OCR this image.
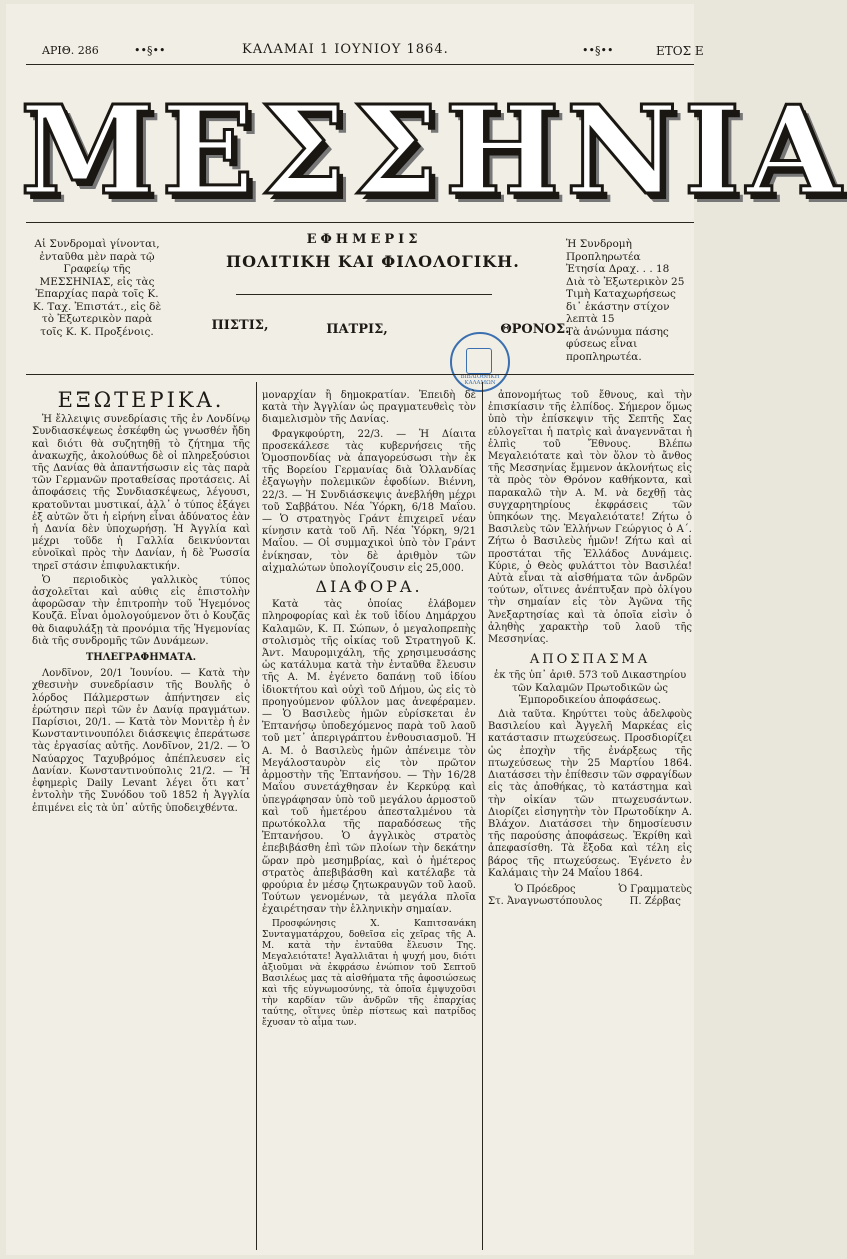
ΑΡΙΘ. 286	••§••	ΚΑΛΑΜΑΙ 1 ΙΟΥΝΙΟΥ 1864.	••§••	ΕΤΟΣ Ε
ΜΕΣΣΗΝΙΑ
Αἱ Συνδρομαὶ γίνονται, ἐνταῦθα μὲν παρὰ τῷ Γραφείῳ τῆς ΜΕΣΣΗΝΙΑΣ, εἰς τὰς Ἐπαρχίας παρὰ τοῖς Κ. Κ. Ταχ. Ἐπιστάτ., εἰς δὲ τὸ Ἐξωτερικὸν παρὰ τοῖς Κ. Κ. Προξένοις.
ΕΦΗΜΕΡΙΣ
ΠΟΛΙΤΙΚΗ ΚΑΙ ΦΙΛΟΛΟΓΙΚΗ.
ΠΙΣΤΙΣ,	ΠΑΤΡΙΣ,	ΘΡΟΝΟΣ.
Ἡ Συνδρομὴ Προπληρωτέα
Ἐτησία Δραχ. . . 18
Διὰ τὸ Ἐξωτερικὸν 25
Τιμὴ Καταχωρήσεως δι᾽ ἑκάστην στίχον λεπτὰ 15
Τὰ ἀνώνυμα πάσης φύσεως εἶναι προπληρωτέα.
ΒΙΒΛΙΟΘΗΚΗ ΚΑΛΑΜΩΝ
ΕΞΩΤΕΡΙΚΑ.

Ἡ ἔλλειψις συνεδρίασις τῆς ἐν Λονδίνῳ Συνδιασκέψεως ἐσκέφθη ὡς γνωσθέν ἤδη καὶ διότι θὰ συζητηθῇ τὸ ζήτημα τῆς ἀνακωχῆς, ἀκολούθως δὲ οἱ πληρεξούσιοι τῆς Δανίας θὰ ἀπαντήσωσιν εἰς τὰς παρὰ τῶν Γερμανῶν προταθείσας προτάσεις. Αἱ ἀποφάσεις τῆς Συνδιασκέψεως, λέγουσι, κρατοῦνται μυστικαί, ἀλλ᾽ ὁ τύπος ἐξάγει ἐξ αὐτῶν ὅτι ἡ εἰρήνη εἶναι ἀδύνατος ἐὰν ἡ Δανία δὲν ὑποχωρήσῃ. Ἡ Ἀγγλία καὶ μέχρι τοῦδε ἡ Γαλλία δεικνύονται εὐνοϊκαὶ πρὸς τὴν Δανίαν, ἡ δὲ Ῥωσσία τηρεῖ στάσιν ἐπιφυλακτικήν.

Ὁ περιοδικὸς γαλλικὸς τύπος ἀσχολεῖται καὶ αὐθις εἰς ἐπιστολὴν ἀφορῶσαν τὴν ἐπιτροπὴν τοῦ Ἡγεμόνος Κουζᾶ. Εἶναι ὁμολογούμενον ὅτι ὁ Κουζᾶς θὰ διαφυλάξῃ τὰ προνόμια τῆς Ἡγεμονίας διὰ τῆς συνδρομῆς τῶν Δυνάμεων.

ΤΗΛΕΓΡΑΦΗΜΑΤΑ.

Λονδῖνον, 20/1 Ἰουνίου. — Κατὰ τὴν χθεσινὴν συνεδρίασιν τῆς Βουλῆς ὁ λόρδος Πάλμερστων ἀπήντησεν εἰς ἐρώτησιν περὶ τῶν ἐν Δανίᾳ πραγμάτων. Παρίσιοι, 20/1. — Κατὰ τὸν Μονιτὲρ ἡ ἐν Κωνσταντινουπόλει διάσκεψις ἐπεράτωσε τὰς ἐργασίας αὐτῆς. Λονδῖνον, 21/2. — Ὁ Ναύαρχος Ταχυβρόμος ἀπέπλευσεν εἰς Δανίαν. Κωνσταντινούπολις 21/2. — Ἡ ἐφημερὶς Daily Levant λέγει ὅτι κατ᾽ ἐντολὴν τῆς Συνόδου τοῦ 1852 ἡ Ἀγγλία ἐπιμένει εἰς τὰ ὑπ᾽ αὐτῆς ὑποδειχθέντα.

μοναρχίαν ἢ δημοκρατίαν. Ἐπειδὴ δὲ κατὰ τὴν Ἀγγλίαν ὡς πραγματευθεὶς τὸν διαμελισμὸν τῆς Δανίας.

Φραγκφούρτη, 22/3. — Ἡ Δίαιτα προσεκάλεσε τὰς κυβερνήσεις τῆς Ὁμοσπονδίας νὰ ἀπαγορεύσωσι τὴν ἐκ τῆς Βορείου Γερμανίας διὰ Ὁλλανδίας ἐξαγωγὴν πολεμικῶν ἐφοδίων. Βιέννη, 22/3. — Ἡ Συνδιάσκεψις ἀνεβλήθη μέχρι τοῦ Σαββάτου. Νέα Ὑόρκη, 6/18 Μαΐου. — Ὁ στρατηγὸς Γράντ ἐπιχειρεῖ νέαν κίνησιν κατὰ τοῦ Λῆ. Νέα Ὑόρκη, 9/21 Μαΐου. — Οἱ συμμαχικοὶ ὑπὸ τὸν Γράντ ἐνίκησαν, τὸν δὲ ἀριθμὸν τῶν αἰχμαλώτων ὑπολογίζουσιν εἰς 25,000.

ΔΙΑΦΟΡΑ.

Κατὰ τὰς ὁποίας ἐλάβομεν πληροφορίας καὶ ἐκ τοῦ ἰδίου Δημάρχου Καλαμῶν, Κ. Π. Σώπων, ὁ μεγαλοπρεπὴς στολισμὸς τῆς οἰκίας τοῦ Στρατηγοῦ Κ. Ἀντ. Μαυρομιχάλη, τῆς χρησιμευσάσης ὡς κατάλυμα κατὰ τὴν ἐνταῦθα ἔλευσιν τῆς Α. Μ. ἐγένετο δαπάνῃ τοῦ ἰδίου ἰδιοκτήτου καὶ οὐχὶ τοῦ Δήμου, ὡς εἰς τὸ προηγούμενον φύλλον μας ἀνεφέραμεν. — Ὁ Βασιλεὺς ἡμῶν εὑρίσκεται ἐν Ἑπτανήσῳ ὑποδεχόμενος παρὰ τοῦ λαοῦ τοῦ μετ᾽ ἀπεριγράπτου ἐνθουσιασμοῦ. Ἡ Α. Μ. ὁ Βασιλεὺς ἡμῶν ἀπένειμε τὸν Μεγάλοσταυρὸν εἰς τὸν πρῶτον ἁρμοστὴν τῆς Ἑπτανήσου. — Τὴν 16/28 Μαΐου συνετάχθησαν ἐν Κερκύρᾳ καὶ ὑπεγράφησαν ὑπὸ τοῦ μεγάλου ἁρμοστοῦ καὶ τοῦ ἡμετέρου ἀπεσταλμένου τὰ πρωτόκολλα τῆς παραδόσεως τῆς Ἑπτανήσου. Ὁ ἀγγλικὸς στρατὸς ἐπεβιβάσθη ἐπὶ τῶν πλοίων τὴν δεκάτην ὥραν πρὸ μεσημβρίας, καὶ ὁ ἡμέτερος στρατὸς ἀπεβιβάσθη καὶ κατέλαβε τὰ φρούρια ἐν μέσῳ ζητωκραυγῶν τοῦ λαοῦ. Τούτων γενομένων, τὰ μεγάλα πλοῖα ἐχαιρέτησαν τὴν ἑλληνικὴν σημαίαν.

Προσφώνησις Χ. Καπιτσανάκη Συνταγματάρχου, δοθεῖσα εἰς χεῖρας τῆς Α. Μ. κατὰ τὴν ἐνταῦθα ἔλευσιν Της. Μεγαλειότατε! Ἀγαλλιᾶται ἡ ψυχή μου, διότι ἀξιοῦμαι νὰ ἐκφράσω ἐνώπιον τοῦ Σεπτοῦ Βασιλέως μας τὰ αἰσθήματα τῆς ἀφοσιώσεως καὶ τῆς εὐγνωμοσύνης, τὰ ὁποῖα ἐμψυχοῦσι τὴν καρδίαν τῶν ἀνδρῶν τῆς ἐπαρχίας ταύτης, οἵτινες ὑπὲρ πίστεως καὶ πατρίδος ἔχυσαν τὸ αἷμα των.

ἀπονομήτως τοῦ ἔθνους, καὶ τὴν ἐπισκίασιν τῆς ἐλπίδος. Σήμερον ὅμως ὑπὸ τὴν ἐπίσκεψιν τῆς Σεπτῆς Σας εὐλογεῖται ἡ πατρὶς καὶ ἀναγεννᾶται ἡ ἐλπὶς τοῦ Ἔθνους. Βλέπω Μεγαλειότατε καὶ τὸν ὅλον τὸ ἄνθος τῆς Μεσσηνίας ἔμμενον ἀκλονήτως εἰς τὰ πρὸς τὸν Θρόνον καθήκοντα, καὶ παρακαλῶ τὴν Α. Μ. νὰ δεχθῇ τὰς συγχαρητηρίους ἐκφράσεις τῶν ὑπηκόων της. Μεγαλειότατε! Ζήτω ὁ Βασιλεὺς τῶν Ἑλλήνων Γεώργιος ὁ Α΄. Ζήτω ὁ Βασιλεὺς ἡμῶν! Ζήτω καὶ αἱ προστάται τῆς Ἑλλάδος Δυνάμεις. Κύριε, ὁ Θεὸς φυλάττοι τὸν Βασιλέα! Αὐτὰ εἶναι τὰ αἰσθήματα τῶν ἀνδρῶν τούτων, οἵτινες ἀνέπτυξαν πρὸ ὀλίγου τὴν σημαίαν εἰς τὸν Ἀγῶνα τῆς Ἀνεξαρτησίας καὶ τὰ ὁποῖα εἰσὶν ὁ ἀληθὴς χαρακτὴρ τοῦ λαοῦ τῆς Μεσσηνίας.

ΑΠΟΣΠΑΣΜΑ

ἐκ τῆς ὑπ᾽ ἀριθ. 573 τοῦ Δικαστηρίου τῶν Καλαμῶν Πρωτοδικῶν ὡς Ἐμπορoδικείου ἀποφάσεως.

Διὰ ταῦτα. Κηρύττει τοὺς ἀδελφοὺς Βασιλείου καὶ Ἀγγελῆ Μαρκέας εἰς κατάστασιν πτωχεύσεως. Προσδιορίζει ὡς ἐποχὴν τῆς ἐνάρξεως τῆς πτωχεύσεως τὴν 25 Μαρτίου 1864. Διατάσσει τὴν ἐπίθεσιν τῶν σφραγίδων εἰς τὰς ἀποθήκας, τὸ κατάστημα καὶ τὴν οἰκίαν τῶν πτωχευσάντων. Διορίζει εἰσηγητὴν τὸν Πρωτοδίκην Α. Βλάχον. Διατάσσει τὴν δημοσίευσιν τῆς παρούσης ἀποφάσεως. Ἐκρίθη καὶ ἀπεφασίσθη. Τὰ ἔξοδα καὶ τέλη εἰς βάρος τῆς πτωχεύσεως. Ἐγένετο ἐν Καλάμαις τὴν 24 Μαΐου 1864.

Ὁ Πρόεδρος
Στ. Ἀναγνωστόπουλος
Ὁ Γραμματεὺς
Π. Ζέρβας
